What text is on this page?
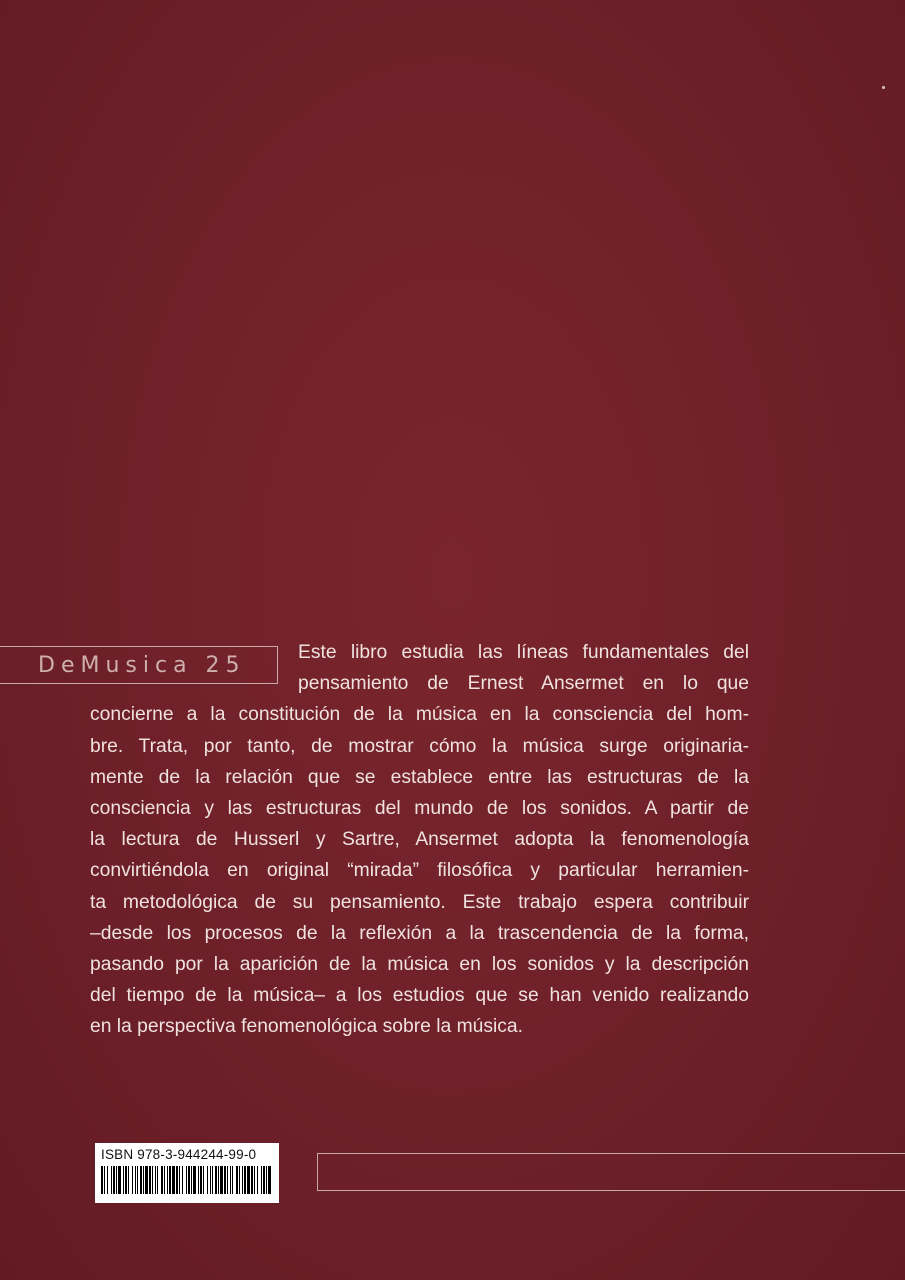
DeMusica 25
Este libro estudia las líneas fundamentales del
pensamiento de Ernest Ansermet en lo que
concierne a la constitución de la música en la consciencia del hom-
bre. Trata, por tanto, de mostrar cómo la música surge originaria-
mente de la relación que se establece entre las estructuras de la
consciencia y las estructuras del mundo de los sonidos. A partir de
la lectura de Husserl y Sartre, Ansermet adopta la fenomenología
convirtiéndola en original “mirada” filosófica y particular herramien-
ta metodológica de su pensamiento. Este trabajo espera contribuir
–desde los procesos de la reflexión a la trascendencia de la forma,
pasando por la aparición de la música en los sonidos y la descripción
del tiempo de la música– a los estudios que se han venido realizando
en la perspectiva fenomenológica sobre la música.
ISBN 978-3-944244-99-0
